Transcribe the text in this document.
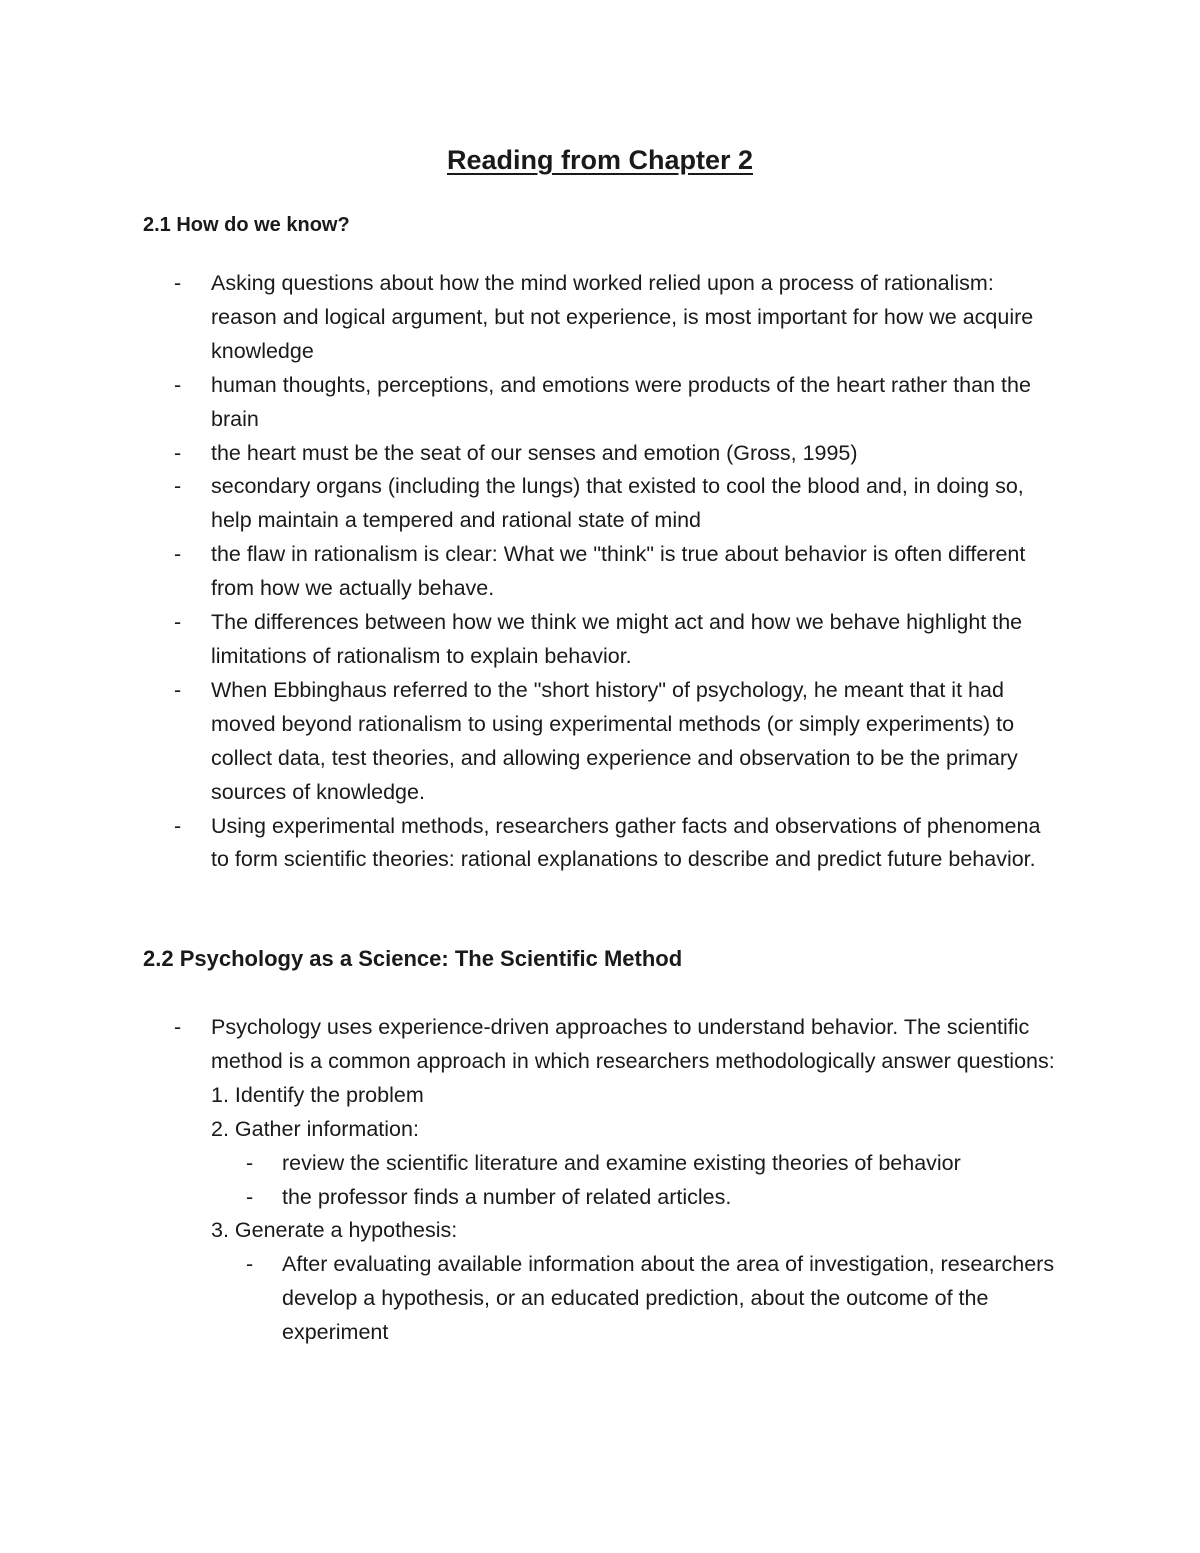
Reading from Chapter 2
2.1 How do we know?
- Asking questions about how the mind worked relied upon a process of rationalism: reason and logical argument, but not experience, is most important for how we acquire knowledge
- human thoughts, perceptions, and emotions were products of the heart rather than the brain
- the heart must be the seat of our senses and emotion (Gross, 1995)
- secondary organs (including the lungs) that existed to cool the blood and, in doing so, help maintain a tempered and rational state of mind
- the flaw in rationalism is clear: What we "think" is true about behavior is often different from how we actually behave.
- The differences between how we think we might act and how we behave highlight the limitations of rationalism to explain behavior.
- When Ebbinghaus referred to the "short history" of psychology, he meant that it had moved beyond rationalism to using experimental methods (or simply experiments) to collect data, test theories, and allowing experience and observation to be the primary sources of knowledge.
- Using experimental methods, researchers gather facts and observations of phenomena to form scientific theories: rational explanations to describe and predict future behavior.
2.2 Psychology as a Science: The Scientific Method
- Psychology uses experience-driven approaches to understand behavior. The scientific method is a common approach in which researchers methodologically answer questions:

1. Identify the problem

2. Gather information:

- review the scientific literature and examine existing theories of behavior
- the professor finds a number of related articles.

3. Generate a hypothesis:

- After evaluating available information about the area of investigation, researchers develop a hypothesis, or an educated prediction, about the outcome of the experiment
